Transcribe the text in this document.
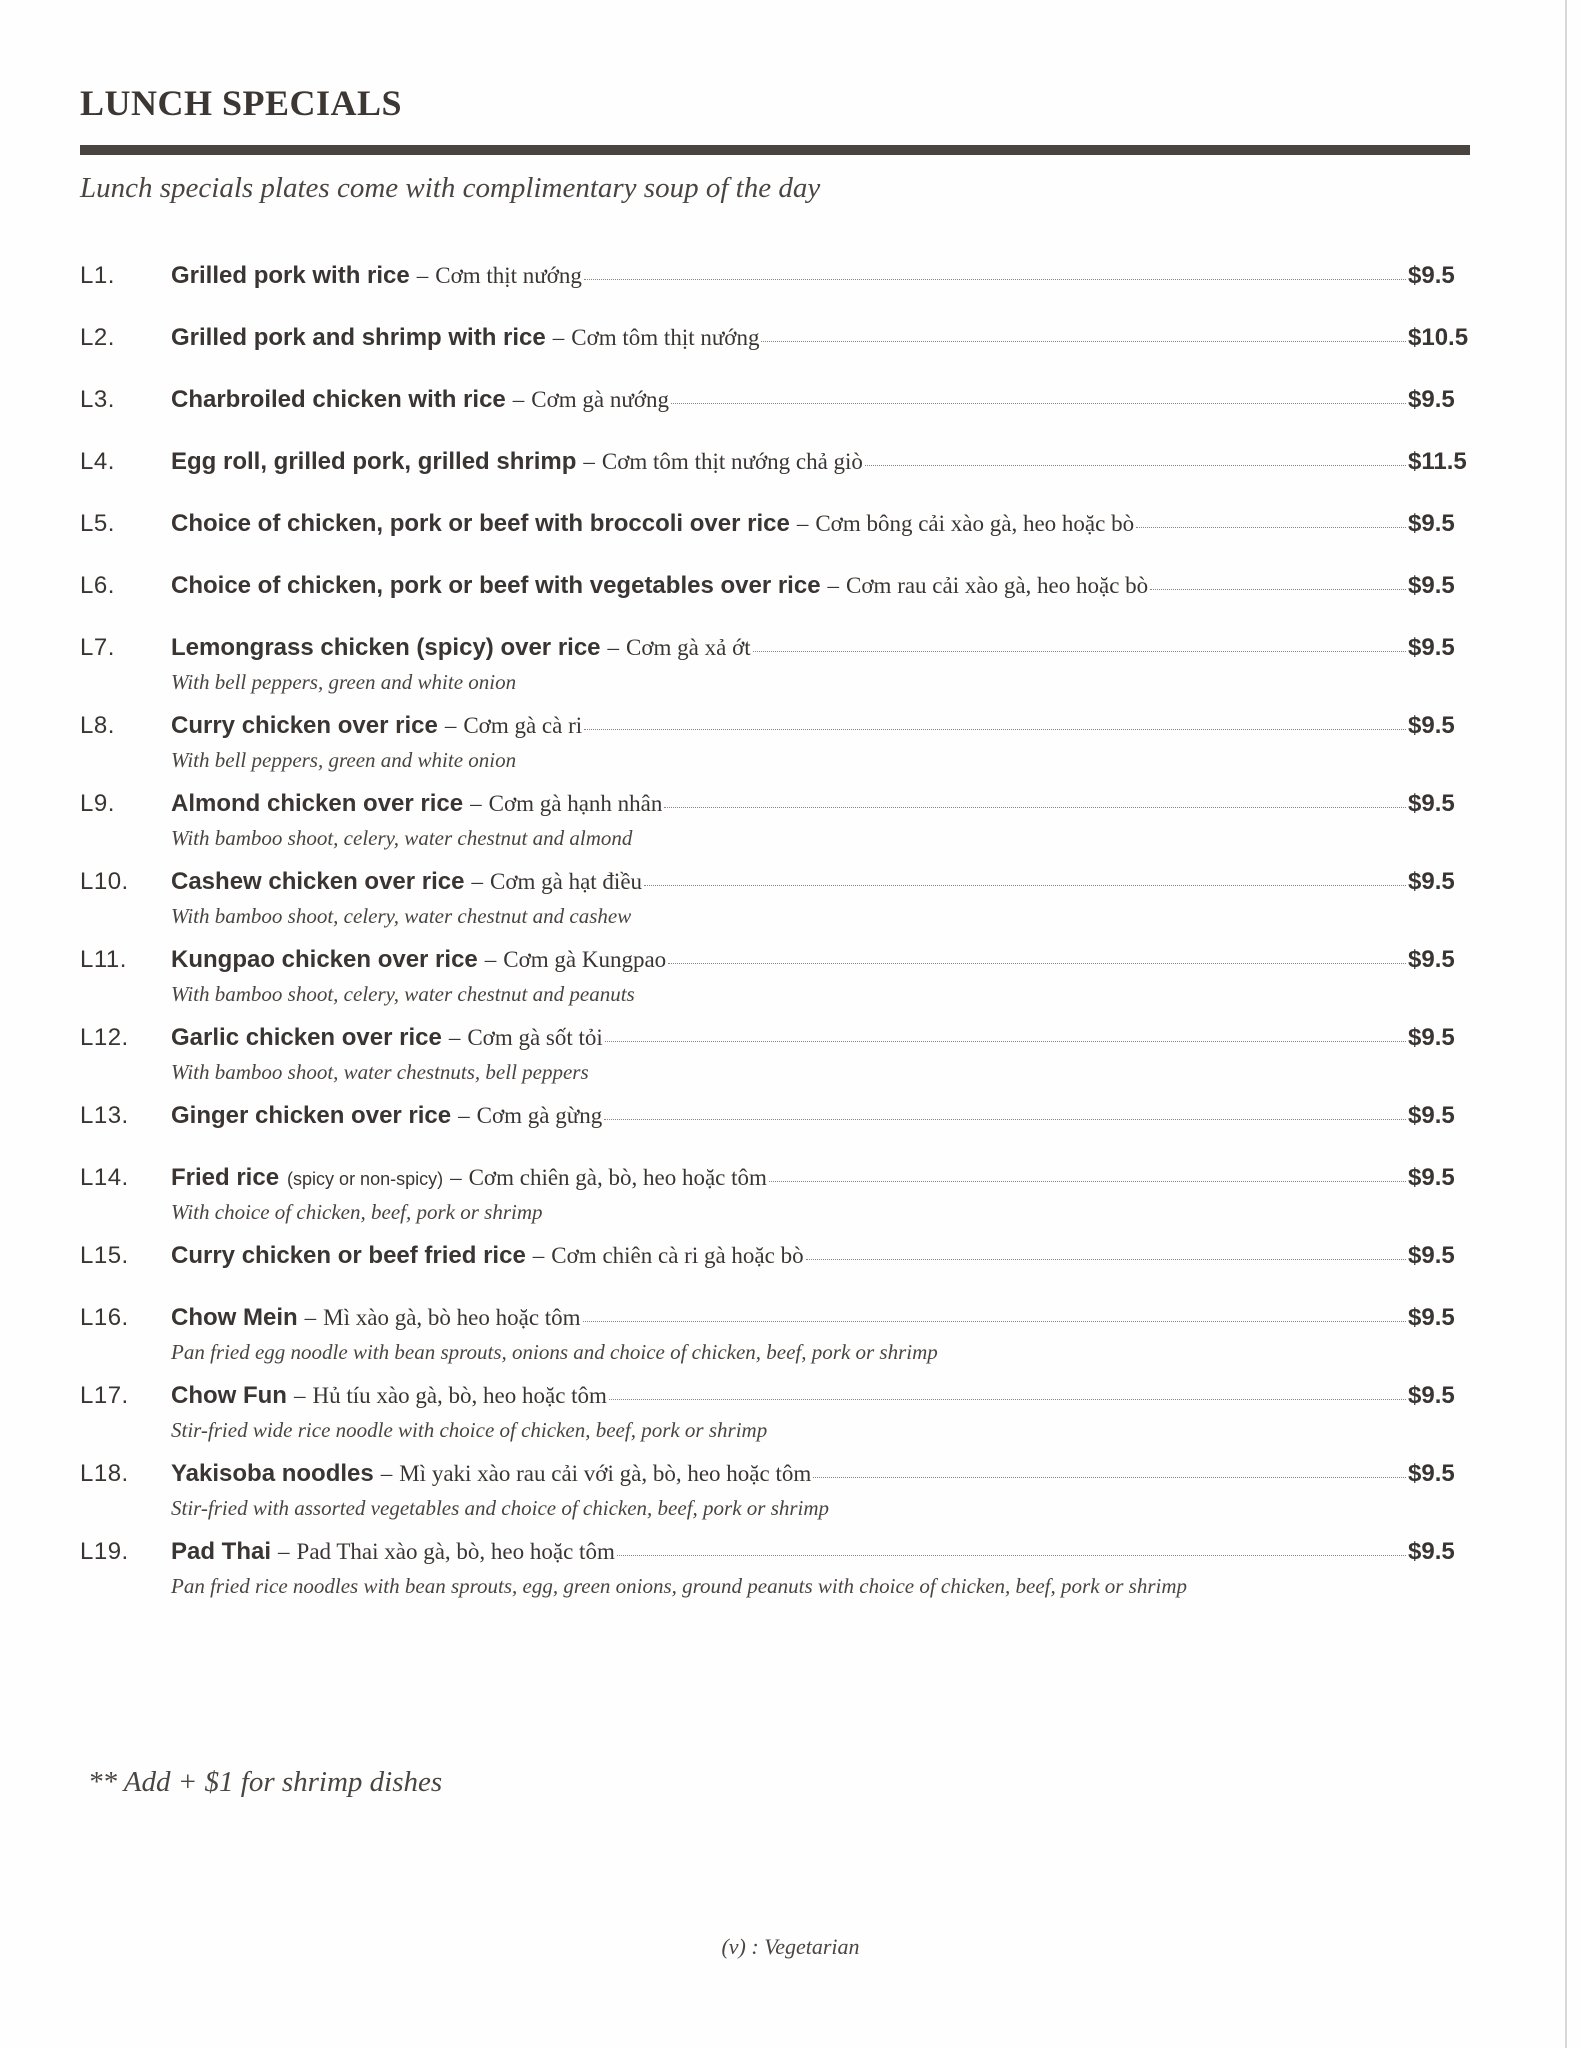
LUNCH SPECIALS
Lunch specials plates come with complimentary soup of the day
L1.	Grilled pork with rice – Cơm thịt nướng	$9.5
L2.	Grilled pork and shrimp with rice – Cơm tôm thịt nướng	$10.5
L3.	Charbroiled chicken with rice – Cơm gà nướng	$9.5
L4.	Egg roll, grilled pork, grilled shrimp – Cơm tôm thịt nướng chả giò	$11.5
L5.	Choice of chicken, pork or beef with broccoli over rice – Cơm bông cải xào gà, heo hoặc bò	$9.5
L6.	Choice of chicken, pork or beef with vegetables over rice – Cơm rau cải xào gà, heo hoặc bò	$9.5
L7.	Lemongrass chicken (spicy) over rice – Cơm gà xả ớt	$9.5
With bell peppers, green and white onion
L8.	Curry chicken over rice – Cơm gà cà ri	$9.5
With bell peppers, green and white onion
L9.	Almond chicken over rice – Cơm gà hạnh nhân	$9.5
With bamboo shoot, celery, water chestnut and almond
L10.	Cashew chicken over rice – Cơm gà hạt điều	$9.5
With bamboo shoot, celery, water chestnut and cashew
L11.	Kungpao chicken over rice – Cơm gà Kungpao	$9.5
With bamboo shoot, celery, water chestnut and peanuts
L12.	Garlic chicken over rice – Cơm gà sốt tỏi	$9.5
With bamboo shoot, water chestnuts, bell peppers
L13.	Ginger chicken over rice – Cơm gà gừng	$9.5
L14.	Fried rice (spicy or non-spicy) – Cơm chiên gà, bò, heo hoặc tôm	$9.5
With choice of chicken, beef, pork or shrimp
L15.	Curry chicken or beef fried rice – Cơm chiên cà ri gà hoặc bò	$9.5
L16.	Chow Mein – Mì xào gà, bò heo hoặc tôm	$9.5
Pan fried egg noodle with bean sprouts, onions and choice of chicken, beef, pork or shrimp
L17.	Chow Fun – Hủ tíu xào gà, bò, heo hoặc tôm	$9.5
Stir-fried wide rice noodle with choice of chicken, beef, pork or shrimp
L18.	Yakisoba noodles – Mì yaki xào rau cải với gà, bò, heo hoặc tôm	$9.5
Stir-fried with assorted vegetables and choice of chicken, beef, pork or shrimp
L19.	Pad Thai – Pad Thai xào gà, bò, heo hoặc tôm	$9.5
Pan fried rice noodles with bean sprouts, egg, green onions, ground peanuts with choice of chicken, beef, pork or shrimp
** Add + $1 for shrimp dishes
(v) : Vegetarian
